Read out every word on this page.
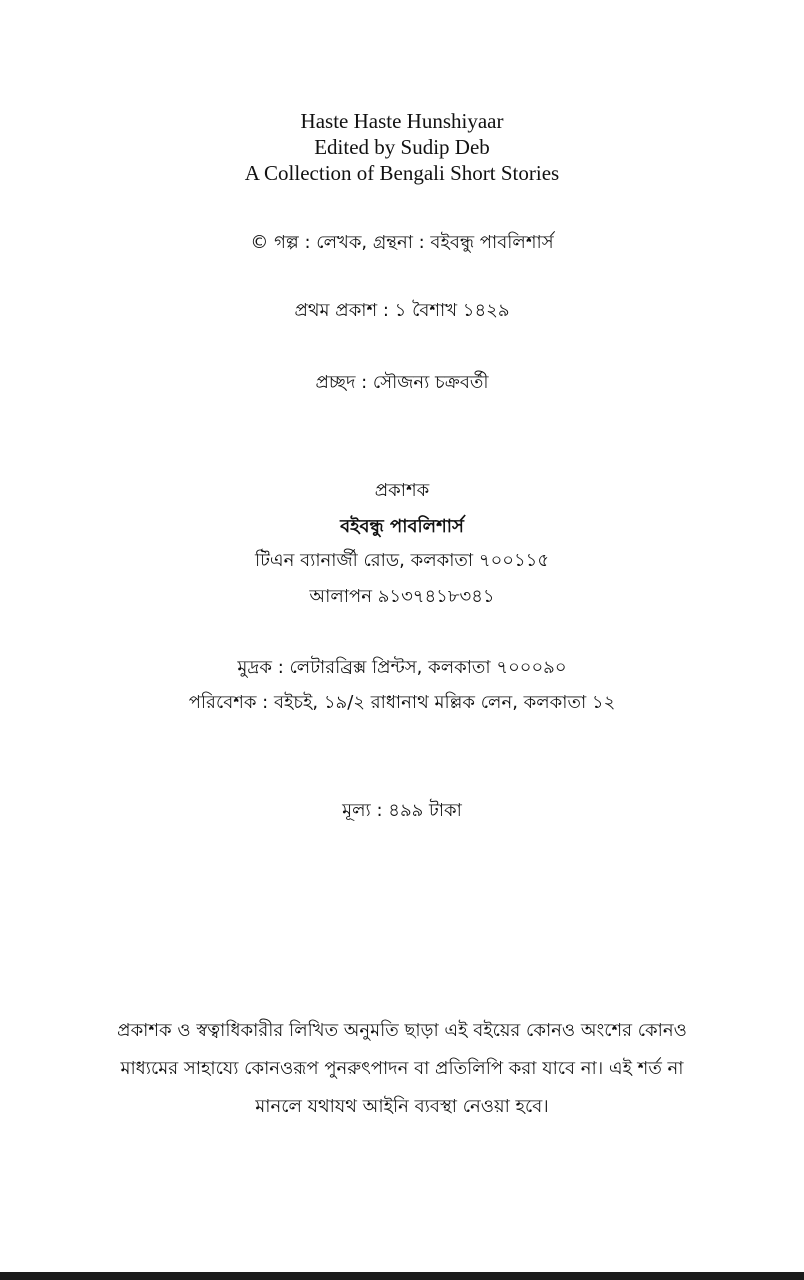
Haste Haste Hunshiyaar
Edited by Sudip Deb
A Collection of Bengali Short Stories
© গল্প : লেখক, গ্রন্থনা : বইবন্ধু পাবলিশার্স
প্রথম প্রকাশ : ১ বৈশাখ ১৪২৯
প্রচ্ছদ : সৌজন্য চক্রবর্তী
প্রকাশক
বইবন্ধু পাবলিশার্স
টিএন ব্যানার্জী রোড, কলকাতা ৭০০১১৫
আলাপন ৯১৩৭৪১৮৩৪১
মুদ্রক : লেটারব্রিক্স প্রিন্টস, কলকাতা ৭০০০৯০
পরিবেশক : বইচই, ১৯/২ রাধানাথ মল্লিক লেন, কলকাতা ১২
মূল্য : ৪৯৯ টাকা
প্রকাশক ও স্বত্বাধিকারীর লিখিত অনুমতি ছাড়া এই বইয়ের কোনও অংশের কোনও মাধ্যমের সাহায্যে কোনওরূপ পুনরুৎপাদন বা প্রতিলিপি করা যাবে না। এই শর্ত না মানলে যথাযথ আইনি ব্যবস্থা নেওয়া হবে।
